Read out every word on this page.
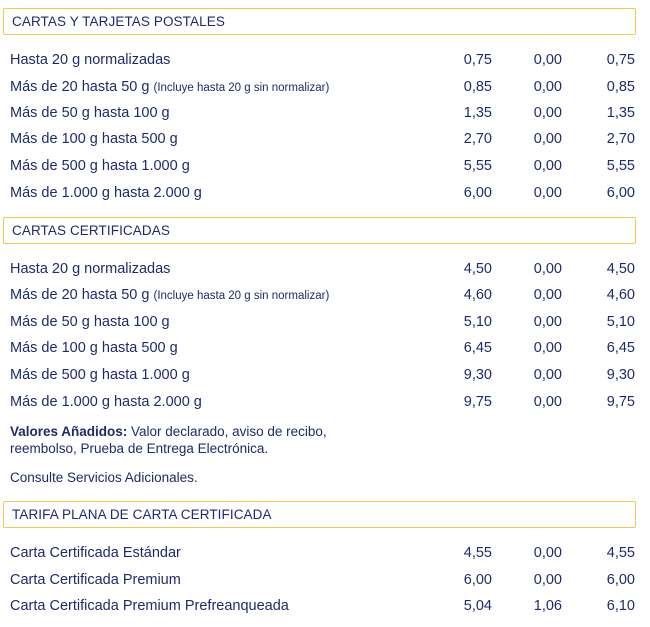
CARTAS Y TARJETAS POSTALES
Hasta 20 g normalizadas	0,75	0,00	0,75
Más de 20 hasta 50 g (Incluye hasta 20 g sin normalizar)	0,85	0,00	0,85
Más de 50 g hasta 100 g	1,35	0,00	1,35
Más de 100 g hasta 500 g	2,70	0,00	2,70
Más de 500 g hasta 1.000 g	5,55	0,00	5,55
Más de 1.000 g hasta 2.000 g	6,00	0,00	6,00
CARTAS CERTIFICADAS
Hasta 20 g normalizadas	4,50	0,00	4,50
Más de 20 hasta 50 g (Incluye hasta 20 g sin normalizar)	4,60	0,00	4,60
Más de 50 g hasta 100 g	5,10	0,00	5,10
Más de 100 g hasta 500 g	6,45	0,00	6,45
Más de 500 g hasta 1.000 g	9,30	0,00	9,30
Más de 1.000 g hasta 2.000 g	9,75	0,00	9,75
Valores Añadidos: Valor declarado, aviso de recibo,
reembolso, Prueba de Entrega Electrónica.
Consulte Servicios Adicionales.
TARIFA PLANA DE CARTA CERTIFICADA
Carta Certificada Estándar	4,55	0,00	4,55
Carta Certificada Premium	6,00	0,00	6,00
Carta Certificada Premium Prefreanqueada	5,04	1,06	6,10
